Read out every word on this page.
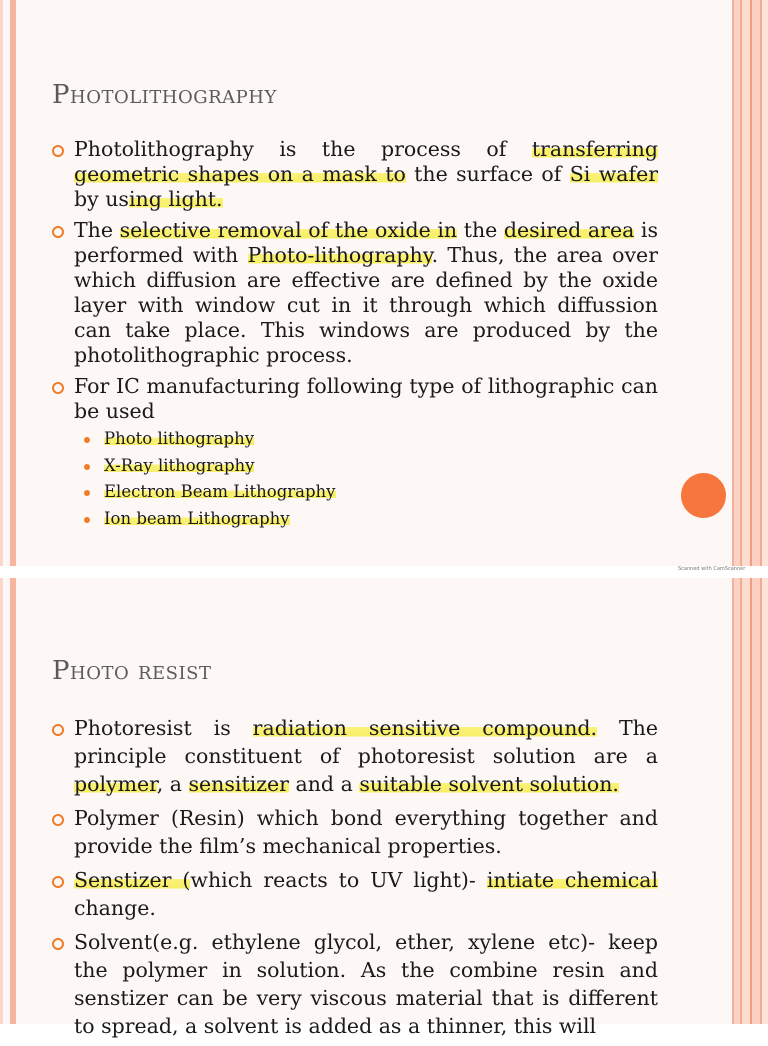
Photolithography

Photolithography is the process of transferring geometric shapes on a mask to the surface of Si wafer by using light.

The selective removal of the oxide in the desired area is performed with Photo-lithography. Thus, the area over which diffusion are effective are defined by the oxide layer with window cut in it through which diffussion can take place. This windows are produced by the photolithographic process.

For IC manufacturing following type of lithographic can be used

Photo lithography
X-Ray lithography
Electron Beam Lithography
Ion beam Lithography
Scanned with CamScanner
Photo resist

Photoresist is radiation sensitive compound. The principle constituent of photoresist solution are a polymer, a sensitizer and a suitable solvent solution.

Polymer (Resin) which bond everything together and provide the film’s mechanical properties.

Senstizer (which reacts to UV light)- intiate chemical change.

Solvent(e.g. ethylene glycol, ether, xylene etc)- keep the polymer in solution. As the combine resin and senstizer can be very viscous material that is different to spread, a solvent is added as a thinner, this will
